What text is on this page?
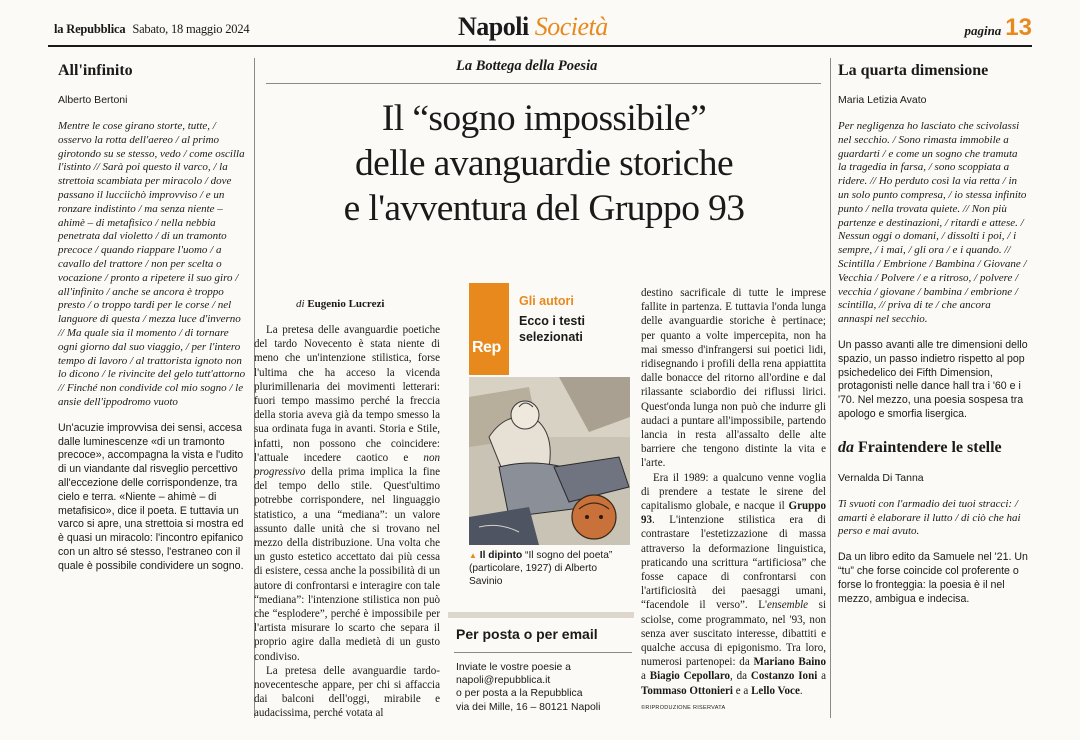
la Repubblica Sabato, 18 maggio 2024	Napoli Società	pagina 13
All'infinito
Alberto Bertoni
Mentre le cose girano storte, tutte, / osservo la rotta dell'aereo / al primo girotondo su se stesso, vedo / come oscilla l'istinto // Sarà poi questo il varco, / la strettoia scambiata per miracolo / dove passano il lucciichò improvviso / e un ronzare indistinto / ma senza niente – ahimè – di metafisico / nella nebbia penetrata dal violetto / di un tramonto precoce / quando riappare l'uomo / a cavallo del trattore / non per scelta o vocazione / pronto a ripetere il suo giro / all'infinito / anche se ancora è troppo presto / o troppo tardi per le corse / nel languore di questa / mezza luce d'inverno // Ma quale sia il momento / di tornare ogni giorno dal suo viaggio, / per l'intero tempo di lavoro / al trattorista ignoto non lo dicono / le rivincite del gelo tutt'attorno // Finché non condivide col mio sogno / le ansie dell'ippodromo vuoto
Un'acuzie improvvisa dei sensi, accesa dalle luminescenze «di un tramonto precoce», accompagna la vista e l'udito di un viandante dal risveglio percettivo all'eccezione delle corrispondenze, tra cielo e terra. «Niente – ahimè – di metafisico», dice il poeta. E tuttavia un varco si apre, una strettoia si mostra ed è quasi un miracolo: l'incontro epifanico con un altro sé stesso, l'estraneo con il quale è possibile condividere un sogno.
La quarta dimensione
Maria Letizia Avato
Per negligenza ho lasciato che scivolassi nel secchio. / Sono rimasta immobile a guardarti / e come un sogno che tramuta la tragedia in farsa, / sono scoppiata a ridere. // Ho perduto così la via retta / in un solo punto compresa, / io stessa infinito punto / nella trovata quiete. // Non più partenze e destinazioni, / ritardi e attese. / Nessun oggi o domani, / dissolti i poi, / i sempre, / i mai, / gli ora / e i quando. // Scintilla / Embrione / Bambina / Giovane / Vecchia / Polvere / e a ritroso, / polvere / vecchia / giovane / bambina / embrione / scintilla, // priva di te / che ancora annaspi nel secchio.
Un passo avanti alle tre dimensioni dello spazio, un passo indietro rispetto al pop psichedelico dei Fifth Dimension, protagonisti nelle dance hall tra i '60 e i '70. Nel mezzo, una poesia sospesa tra apologo e smorfia lisergica.
da Fraintendere le stelle
Vernalda Di Tanna
Ti svuoti con l'armadio dei tuoi stracci: / amarti è elaborare il lutto / di ciò che hai perso e mai avuto.
Da un libro edito da Samuele nel '21. Un “tu” che forse coincide col proferente o forse lo fronteggia: la poesia è il nel mezzo, ambigua e indecisa.
La Bottega della Poesia
Il “sogno impossibile”
delle avanguardie storiche
e l'avventura del Gruppo 93
di Eugenio Lucrezi

La pretesa delle avanguardie poetiche del tardo Novecento è stata niente di meno che un'intenzione stilistica, forse l'ultima che ha acceso la vicenda plurimillenaria dei movimenti letterari: fuori tempo massimo perché la freccia della storia aveva già da tempo smesso la sua ordinata fuga in avanti. Storia e Stile, infatti, non possono che coincidere: l'attuale incedere caotico e non progressivo della prima implica la fine del tempo dello stile. Quest'ultimo potrebbe corrispondere, nel linguaggio statistico, a una “mediana”: un valore assunto dalle unità che si trovano nel mezzo della distribuzione. Una volta che un gusto estetico accettato dai più cessa di esistere, cessa anche la possibilità di un autore di confrontarsi e interagire con tale “mediana”: l'intenzione stilistica non può che “esplodere”, perché è impossibile per l'artista misurare lo scarto che separa il proprio agire dalla medietà di un gusto condiviso.

La pretesa delle avanguardie tardo-novecentesche appare, per chi si affaccia dai balconi dell'oggi, mirabile e audacissima, perché votata al

destino sacrificale di tutte le imprese fallite in partenza. E tuttavia l'onda lunga delle avanguardie storiche è pertinace; per quanto a volte impercepita, non ha mai smesso d'infrangersi sui poetici lidi, ridisegnando i profili della rena appiattita dalle bonacce del ritorno all'ordine e dal rilassante sciabordio dei riflussi lirici. Quest'onda lunga non può che indurre gli audaci a puntare all'impossibile, partendo lancia in resta all'assalto delle alte barriere che tengono distinte la vita e l'arte.

Era il 1989: a qualcuno venne voglia di prendere a testate le sirene del capitalismo globale, e nacque il Gruppo 93. L'intenzione stilistica era di contrastare l'estetizzazione di massa attraverso la deformazione linguistica, praticando una scrittura “artificiosa” che fosse capace di confrontarsi con l'artificiosità dei paesaggi umani, “facendole il verso”. L'ensemble si sciolse, come programmato, nel '93, non senza aver suscitato interesse, dibattiti e qualche accusa di epigonismo. Tra loro, numerosi partenopei: da Mariano Baino a Biagio Cepollaro, da Costanzo Ioni a Tommaso Ottonieri e a Lello Voce.

©RIPRODUZIONE RISERVATA

Rep
Gli autori
Ecco i testi selezionati
▲ Il dipinto “Il sogno del poeta” (particolare, 1927) di Alberto Savinio
Per posta o per email
Inviate le vostre poesie a
napoli@repubblica.it
o per posta a la Repubblica
via dei Mille, 16 – 80121 Napoli
